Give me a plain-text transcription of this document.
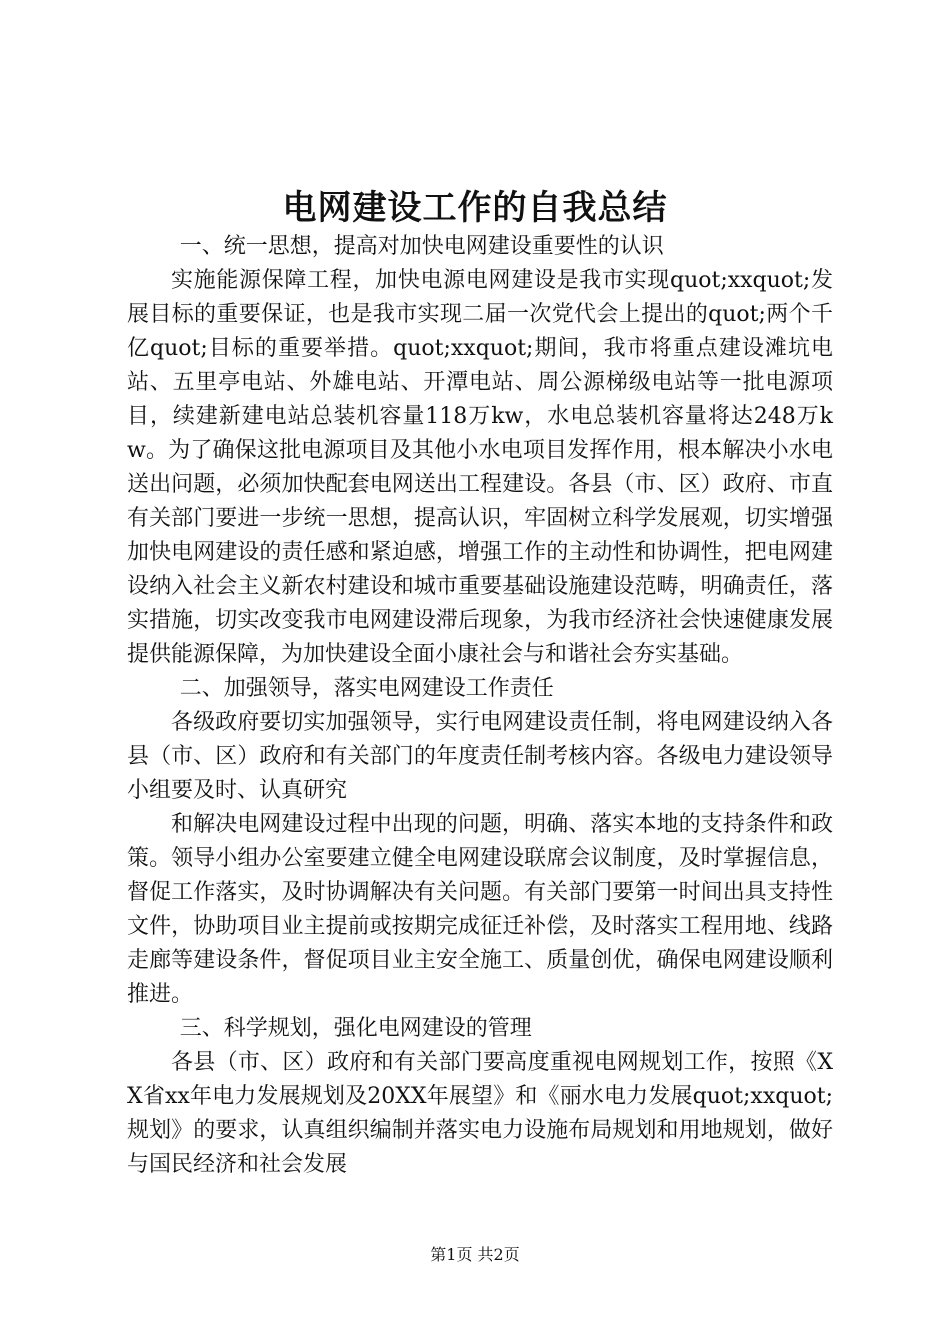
电网建设工作的自我总结

一、统一思想，提高对加快电网建设重要性的认识

实施能源保障工程，加快电源电网建设是我市实现quot;xxquot;发展目标的重要保证，也是我市实现二届一次党代会上提出的quot;两个千亿quot;目标的重要举措。quot;xxquot;期间，我市将重点建设滩坑电站、五里亭电站、外雄电站、开潭电站、周公源梯级电站等一批电源项目，续建新建电站总装机容量118万kw，水电总装机容量将达248万kw。为了确保这批电源项目及其他小水电项目发挥作用，根本解决小水电送出问题，必须加快配套电网送出工程建设。各县（市、区）政府、市直有关部门要进一步统一思想，提高认识，牢固树立科学发展观，切实增强加快电网建设的责任感和紧迫感，增强工作的主动性和协调性，把电网建设纳入社会主义新农村建设和城市重要基础设施建设范畴，明确责任，落实措施，切实改变我市电网建设滞后现象，为我市经济社会快速健康发展提供能源保障，为加快建设全面小康社会与和谐社会夯实基础。

二、加强领导，落实电网建设工作责任

各级政府要切实加强领导，实行电网建设责任制，将电网建设纳入各县（市、区）政府和有关部门的年度责任制考核内容。各级电力建设领导小组要及时、认真研究

和解决电网建设过程中出现的问题，明确、落实本地的支持条件和政策。领导小组办公室要建立健全电网建设联席会议制度，及时掌握信息，督促工作落实，及时协调解决有关问题。有关部门要第一时间出具支持性文件，协助项目业主提前或按期完成征迁补偿，及时落实工程用地、线路走廊等建设条件，督促项目业主安全施工、质量创优，确保电网建设顺利推进。

三、科学规划，强化电网建设的管理

各县（市、区）政府和有关部门要高度重视电网规划工作，按照《XX省xx年电力发展规划及20XX年展望》和《丽水电力发展quot;xxquot;规划》的要求，认真组织编制并落实电力设施布局规划和用地规划，做好与国民经济和社会发展

第1页 共2页
